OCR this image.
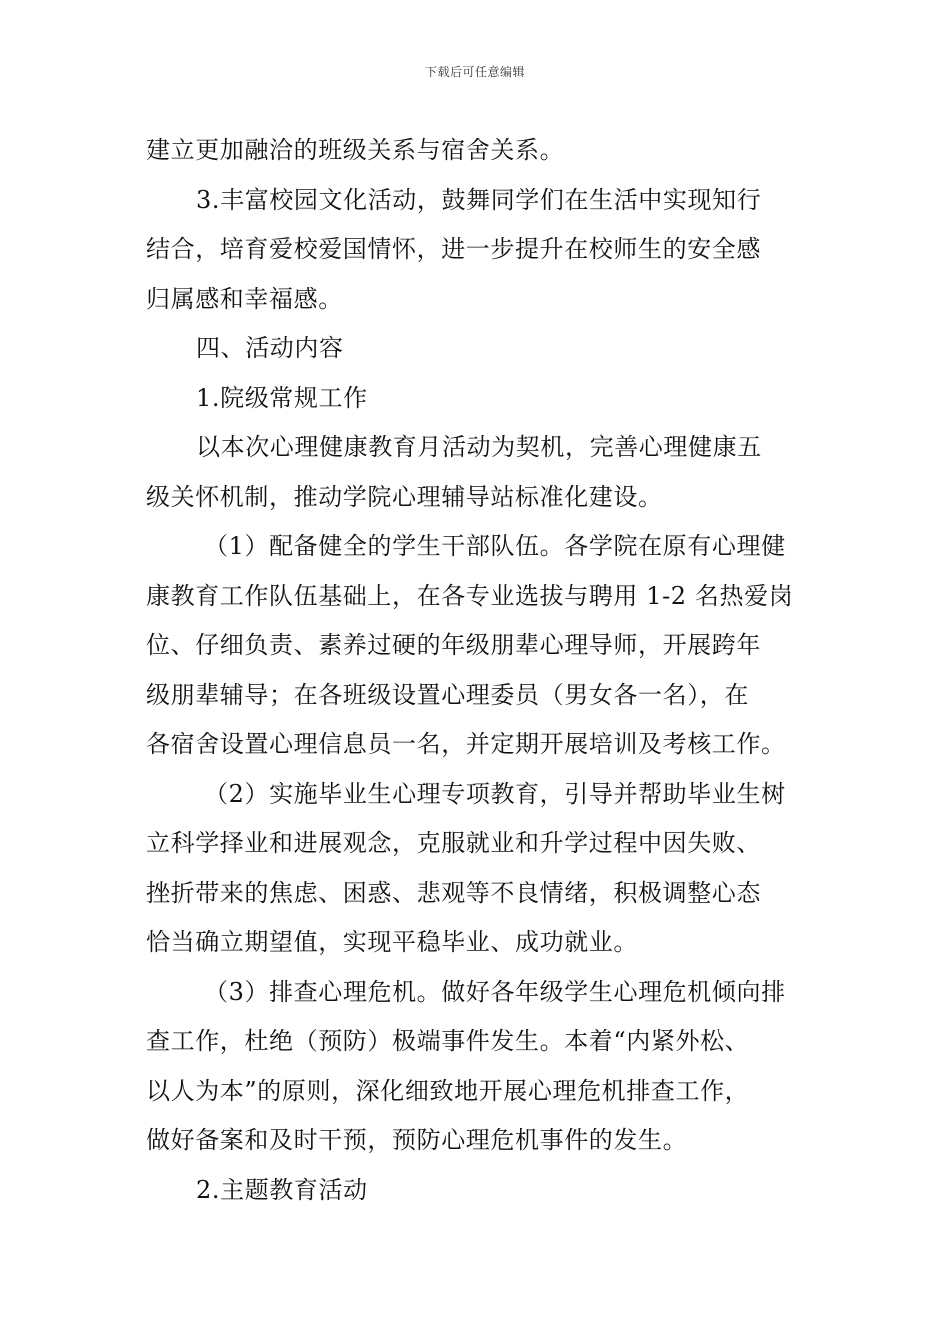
下载后可任意编辑
建立更加融洽的班级关系与宿舍关系。
3.丰富校园文化活动，鼓舞同学们在生活中实现知行
结合，培育爱校爱国情怀，进一步提升在校师生的安全感
归属感和幸福感。
四、活动内容
1.院级常规工作
以本次心理健康教育月活动为契机，完善心理健康五
级关怀机制，推动学院心理辅导站标准化建设。
（1）配备健全的学生干部队伍。各学院在原有心理健
康教育工作队伍基础上，在各专业选拔与聘用 1-2 名热爱岗
位、仔细负责、素养过硬的年级朋辈心理导师，开展跨年
级朋辈辅导；在各班级设置心理委员（男女各一名），在
各宿舍设置心理信息员一名，并定期开展培训及考核工作。
（2）实施毕业生心理专项教育，引导并帮助毕业生树
立科学择业和进展观念，克服就业和升学过程中因失败、
挫折带来的焦虑、困惑、悲观等不良情绪，积极调整心态
恰当确立期望值，实现平稳毕业、成功就业。
（3）排查心理危机。做好各年级学生心理危机倾向排
查工作，杜绝（预防）极端事件发生。本着“内紧外松、
以人为本”的原则，深化细致地开展心理危机排查工作，
做好备案和及时干预，预防心理危机事件的发生。
2.主题教育活动
